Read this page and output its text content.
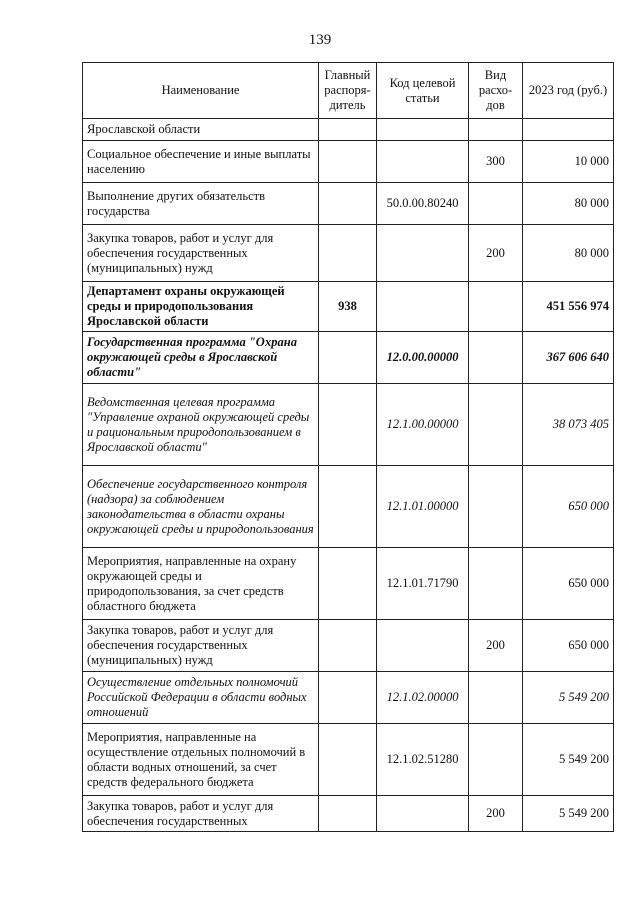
139
Наименование	Главный распоря-дитель	Код целевой статьи	Вид расхо-дов	2023 год (руб.)
Ярославской области				
Социальное обеспечение и иные выплаты населению			300	10 000
Выполнение других обязательств государства		50.0.00.80240		80 000
Закупка товаров, работ и услуг для обеспечения государственных (муниципальных) нужд			200	80 000
Департамент охраны окружающей среды и природопользования Ярославской области	938			451 556 974
Государственная программа "Охрана окружающей среды в Ярославской области"		12.0.00.00000		367 606 640
Ведомственная целевая программа "Управление охраной окружающей среды и рациональным природопользованием в Ярославской области"		12.1.00.00000		38 073 405
Обеспечение государственного контроля (надзора) за соблюдением законодательства в области охраны окружающей среды и природопользования		12.1.01.00000		650 000
Мероприятия, направленные на охрану окружающей среды и природопользования, за счет средств областного бюджета		12.1.01.71790		650 000
Закупка товаров, работ и услуг для обеспечения государственных (муниципальных) нужд			200	650 000
Осуществление отдельных полномочий Российской Федерации в области водных отношений		12.1.02.00000		5 549 200
Мероприятия, направленные на осуществление отдельных полномочий в области водных отношений, за счет средств федерального бюджета		12.1.02.51280		5 549 200
Закупка товаров, работ и услуг для обеспечения государственных			200	5 549 200
